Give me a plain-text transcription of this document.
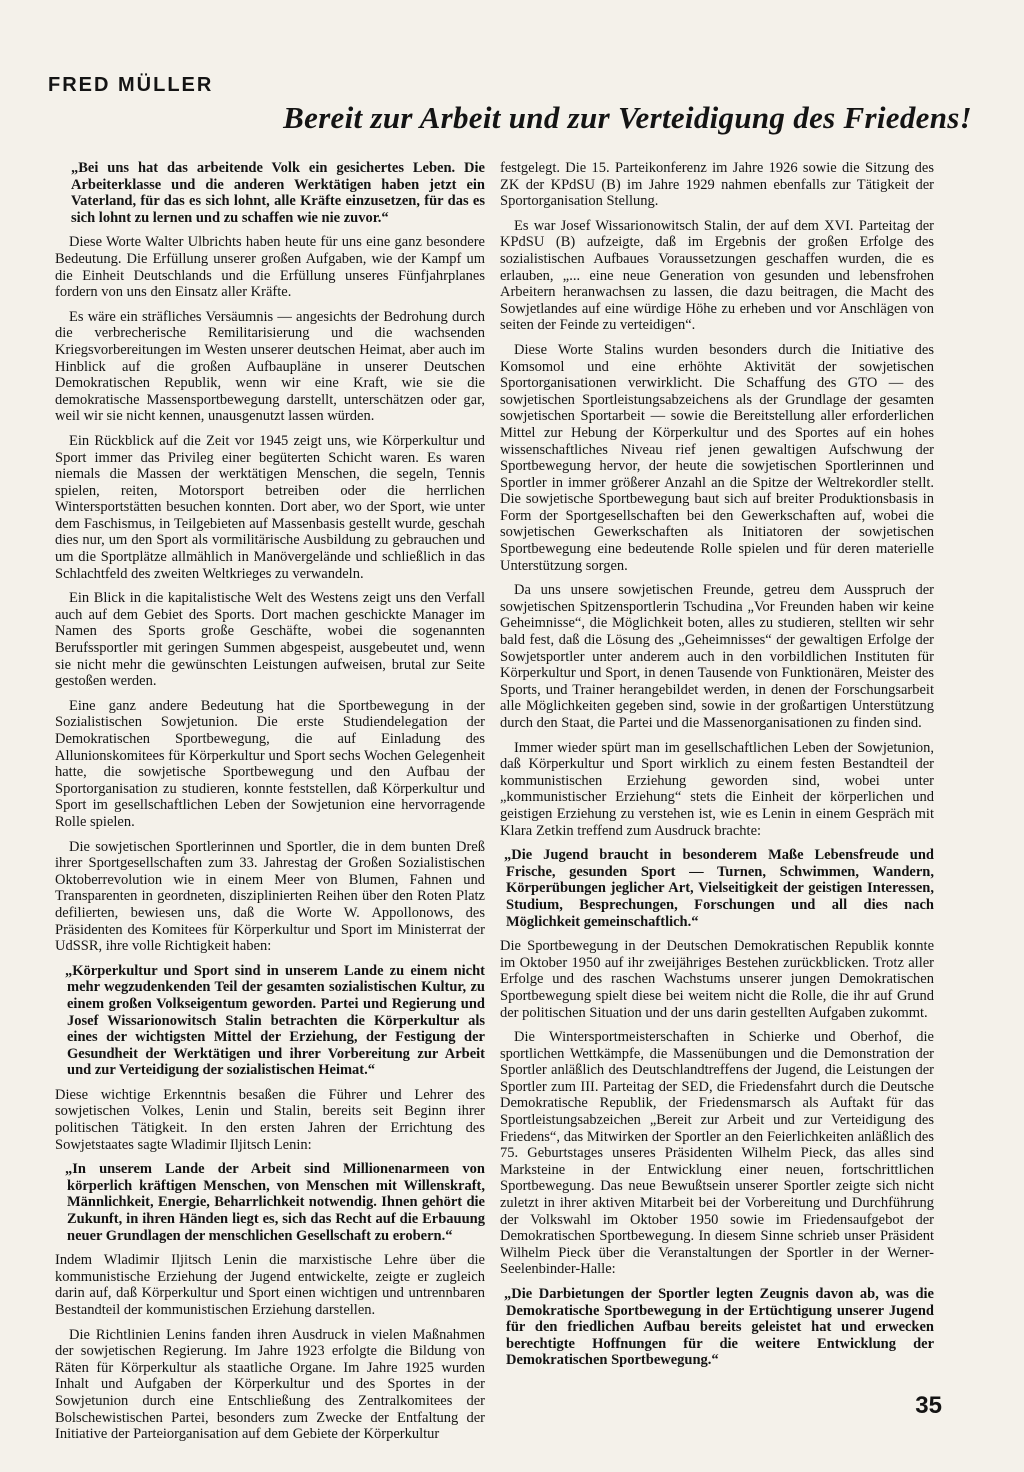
FRED MÜLLER
Bereit zur Arbeit und zur Verteidigung des Friedens!

„Bei uns hat das arbeitende Volk ein gesichertes Leben. Die Arbeiterklasse und die anderen Werktätigen haben jetzt ein Vaterland, für das es sich lohnt, alle Kräfte einzusetzen, für das es sich lohnt zu lernen und zu schaffen wie nie zuvor.“

Diese Worte Walter Ulbrichts haben heute für uns eine ganz besondere Bedeutung. Die Erfüllung unserer großen Aufgaben, wie der Kampf um die Einheit Deutschlands und die Erfüllung unseres Fünfjahrplanes fordern von uns den Einsatz aller Kräfte.

Es wäre ein sträfliches Versäumnis — angesichts der Bedrohung durch die verbrecherische Remilitarisierung und die wachsenden Kriegsvorbereitungen im Westen unserer deutschen Heimat, aber auch im Hinblick auf die großen Aufbaupläne in unserer Deutschen Demokratischen Republik, wenn wir eine Kraft, wie sie die demokratische Massensportbewegung darstellt, unterschätzen oder gar, weil wir sie nicht kennen, unausgenutzt lassen würden.

Ein Rückblick auf die Zeit vor 1945 zeigt uns, wie Körperkultur und Sport immer das Privileg einer begüterten Schicht waren. Es waren niemals die Massen der werktätigen Menschen, die segeln, Tennis spielen, reiten, Motorsport betreiben oder die herrlichen Wintersportstätten besuchen konnten. Dort aber, wo der Sport, wie unter dem Faschismus, in Teilgebieten auf Massenbasis gestellt wurde, geschah dies nur, um den Sport als vormilitärische Ausbildung zu gebrauchen und um die Sportplätze allmählich in Manövergelände und schließlich in das Schlachtfeld des zweiten Weltkrieges zu verwandeln.

Ein Blick in die kapitalistische Welt des Westens zeigt uns den Verfall auch auf dem Gebiet des Sports. Dort machen geschickte Manager im Namen des Sports große Geschäfte, wobei die sogenannten Berufssportler mit geringen Summen abgespeist, ausgebeutet und, wenn sie nicht mehr die gewünschten Leistungen aufweisen, brutal zur Seite gestoßen werden.

Eine ganz andere Bedeutung hat die Sportbewegung in der Sozialistischen Sowjetunion. Die erste Studiendelegation der Demokratischen Sportbewegung, die auf Einladung des Allunionskomitees für Körperkultur und Sport sechs Wochen Gelegenheit hatte, die sowjetische Sportbewegung und den Aufbau der Sportorganisation zu studieren, konnte feststellen, daß Körperkultur und Sport im gesellschaftlichen Leben der Sowjetunion eine hervorragende Rolle spielen.

Die sowjetischen Sportlerinnen und Sportler, die in dem bunten Dreß ihrer Sportgesellschaften zum 33. Jahrestag der Großen Sozialistischen Oktoberrevolution wie in einem Meer von Blumen, Fahnen und Transparenten in geordneten, disziplinierten Reihen über den Roten Platz defilierten, bewiesen uns, daß die Worte W. Appollonows, des Präsidenten des Komitees für Körperkultur und Sport im Ministerrat der UdSSR, ihre volle Richtigkeit haben:

„Körperkultur und Sport sind in unserem Lande zu einem nicht mehr wegzudenkenden Teil der gesamten sozialistischen Kultur, zu einem großen Volkseigentum geworden. Partei und Regierung und Josef Wissarionowitsch Stalin betrachten die Körperkultur als eines der wichtigsten Mittel der Erziehung, der Festigung der Gesundheit der Werktätigen und ihrer Vorbereitung zur Arbeit und zur Verteidigung der sozialistischen Heimat.“

Diese wichtige Erkenntnis besaßen die Führer und Lehrer des sowjetischen Volkes, Lenin und Stalin, bereits seit Beginn ihrer politischen Tätigkeit. In den ersten Jahren der Errichtung des Sowjetstaates sagte Wladimir Iljitsch Lenin:

„In unserem Lande der Arbeit sind Millionenarmeen von körperlich kräftigen Menschen, von Menschen mit Willenskraft, Männlichkeit, Energie, Beharrlichkeit notwendig. Ihnen gehört die Zukunft, in ihren Händen liegt es, sich das Recht auf die Erbauung neuer Grundlagen der menschlichen Gesellschaft zu erobern.“

Indem Wladimir Iljitsch Lenin die marxistische Lehre über die kommunistische Erziehung der Jugend entwickelte, zeigte er zugleich darin auf, daß Körperkultur und Sport einen wichtigen und untrennbaren Bestandteil der kommunistischen Erziehung darstellen.

Die Richtlinien Lenins fanden ihren Ausdruck in vielen Maßnahmen der sowjetischen Regierung. Im Jahre 1923 erfolgte die Bildung von Räten für Körperkultur als staatliche Organe. Im Jahre 1925 wurden Inhalt und Aufgaben der Körperkultur und des Sportes in der Sowjetunion durch eine Entschließung des Zentralkomitees der Bolschewistischen Partei, besonders zum Zwecke der Entfaltung der Initiative der Parteiorganisation auf dem Gebiete der Körperkultur

festgelegt. Die 15. Parteikonferenz im Jahre 1926 sowie die Sitzung des ZK der KPdSU (B) im Jahre 1929 nahmen ebenfalls zur Tätigkeit der Sportorganisation Stellung.

Es war Josef Wissarionowitsch Stalin, der auf dem XVI. Parteitag der KPdSU (B) aufzeigte, daß im Ergebnis der großen Erfolge des sozialistischen Aufbaues Voraussetzungen geschaffen wurden, die es erlauben, „... eine neue Generation von gesunden und lebensfrohen Arbeitern heranwachsen zu lassen, die dazu beitragen, die Macht des Sowjetlandes auf eine würdige Höhe zu erheben und vor Anschlägen von seiten der Feinde zu verteidigen“.

Diese Worte Stalins wurden besonders durch die Initiative des Komsomol und eine erhöhte Aktivität der sowjetischen Sportorganisationen verwirklicht. Die Schaffung des GTO — des sowjetischen Sportleistungsabzeichens als der Grundlage der gesamten sowjetischen Sportarbeit — sowie die Bereitstellung aller erforderlichen Mittel zur Hebung der Körperkultur und des Sportes auf ein hohes wissenschaftliches Niveau rief jenen gewaltigen Aufschwung der Sportbewegung hervor, der heute die sowjetischen Sportlerinnen und Sportler in immer größerer Anzahl an die Spitze der Weltrekordler stellt. Die sowjetische Sportbewegung baut sich auf breiter Produktionsbasis in Form der Sportgesellschaften bei den Gewerkschaften auf, wobei die sowjetischen Gewerkschaften als Initiatoren der sowjetischen Sportbewegung eine bedeutende Rolle spielen und für deren materielle Unterstützung sorgen.

Da uns unsere sowjetischen Freunde, getreu dem Ausspruch der sowjetischen Spitzensportlerin Tschudina „Vor Freunden haben wir keine Geheimnisse“, die Möglichkeit boten, alles zu studieren, stellten wir sehr bald fest, daß die Lösung des „Geheimnisses“ der gewaltigen Erfolge der Sowjetsportler unter anderem auch in den vorbildlichen Instituten für Körperkultur und Sport, in denen Tausende von Funktionären, Meister des Sports, und Trainer herangebildet werden, in denen der Forschungsarbeit alle Möglichkeiten gegeben sind, sowie in der großartigen Unterstützung durch den Staat, die Partei und die Massenorganisationen zu finden sind.

Immer wieder spürt man im gesellschaftlichen Leben der Sowjetunion, daß Körperkultur und Sport wirklich zu einem festen Bestandteil der kommunistischen Erziehung geworden sind, wobei unter „kommunistischer Erziehung“ stets die Einheit der körperlichen und geistigen Erziehung zu verstehen ist, wie es Lenin in einem Gespräch mit Klara Zetkin treffend zum Ausdruck brachte:

„Die Jugend braucht in besonderem Maße Lebensfreude und Frische, gesunden Sport — Turnen, Schwimmen, Wandern, Körperübungen jeglicher Art, Vielseitigkeit der geistigen Interessen, Studium, Besprechungen, Forschungen und all dies nach Möglichkeit gemeinschaftlich.“

Die Sportbewegung in der Deutschen Demokratischen Republik konnte im Oktober 1950 auf ihr zweijähriges Bestehen zurückblicken. Trotz aller Erfolge und des raschen Wachstums unserer jungen Demokratischen Sportbewegung spielt diese bei weitem nicht die Rolle, die ihr auf Grund der politischen Situation und der uns darin gestellten Aufgaben zukommt.

Die Wintersportmeisterschaften in Schierke und Oberhof, die sportlichen Wettkämpfe, die Massenübungen und die Demonstration der Sportler anläßlich des Deutschlandtreffens der Jugend, die Leistungen der Sportler zum III. Parteitag der SED, die Friedensfahrt durch die Deutsche Demokratische Republik, der Friedensmarsch als Auftakt für das Sportleistungsabzeichen „Bereit zur Arbeit und zur Verteidigung des Friedens“, das Mitwirken der Sportler an den Feierlichkeiten anläßlich des 75. Geburtstages unseres Präsidenten Wilhelm Pieck, das alles sind Marksteine in der Entwicklung einer neuen, fortschrittlichen Sportbewegung. Das neue Bewußtsein unserer Sportler zeigte sich nicht zuletzt in ihrer aktiven Mitarbeit bei der Vorbereitung und Durchführung der Volkswahl im Oktober 1950 sowie im Friedensaufgebot der Demokratischen Sportbewegung. In diesem Sinne schrieb unser Präsident Wilhelm Pieck über die Veranstaltungen der Sportler in der Werner-Seelenbinder-Halle:

„Die Darbietungen der Sportler legten Zeugnis davon ab, was die Demokratische Sportbewegung in der Ertüchtigung unserer Jugend für den friedlichen Aufbau bereits geleistet hat und erwecken berechtigte Hoffnungen für die weitere Entwicklung der Demokratischen Sportbewegung.“

35
